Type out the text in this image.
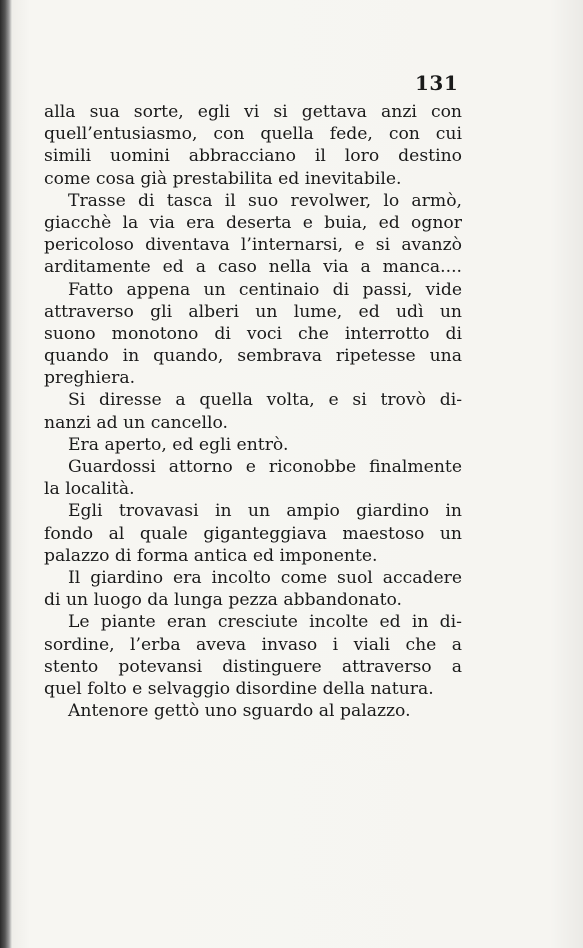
131
alla sua sorte, egli vi si gettava anzi con
quell’entusiasmo, con quella fede, con cui
simili uomini abbracciano il loro destino
come cosa già prestabilita ed inevitabile.
Trasse di tasca il suo revolwer, lo armò,
giacchè la via era deserta e buia, ed ognor
pericoloso diventava l’internarsi, e si avanzò
arditamente ed a caso nella via a manca....
Fatto appena un centinaio di passi, vide
attraverso gli alberi un lume, ed udì un
suono monotono di voci che interrotto di
quando in quando, sembrava ripetesse una
preghiera.
Si diresse a quella volta, e si trovò di-
nanzi ad un cancello.
Era aperto, ed egli entrò.
Guardossi attorno e riconobbe finalmente
la località.
Egli trovavasi in un ampio giardino in
fondo al quale giganteggiava maestoso un
palazzo di forma antica ed imponente.
Il giardino era incolto come suol accadere
di un luogo da lunga pezza abbandonato.
Le piante eran cresciute incolte ed in di-
sordine, l’erba aveva invaso i viali che a
stento potevansi distinguere attraverso a
quel folto e selvaggio disordine della natura.
Antenore gettò uno sguardo al palazzo.
